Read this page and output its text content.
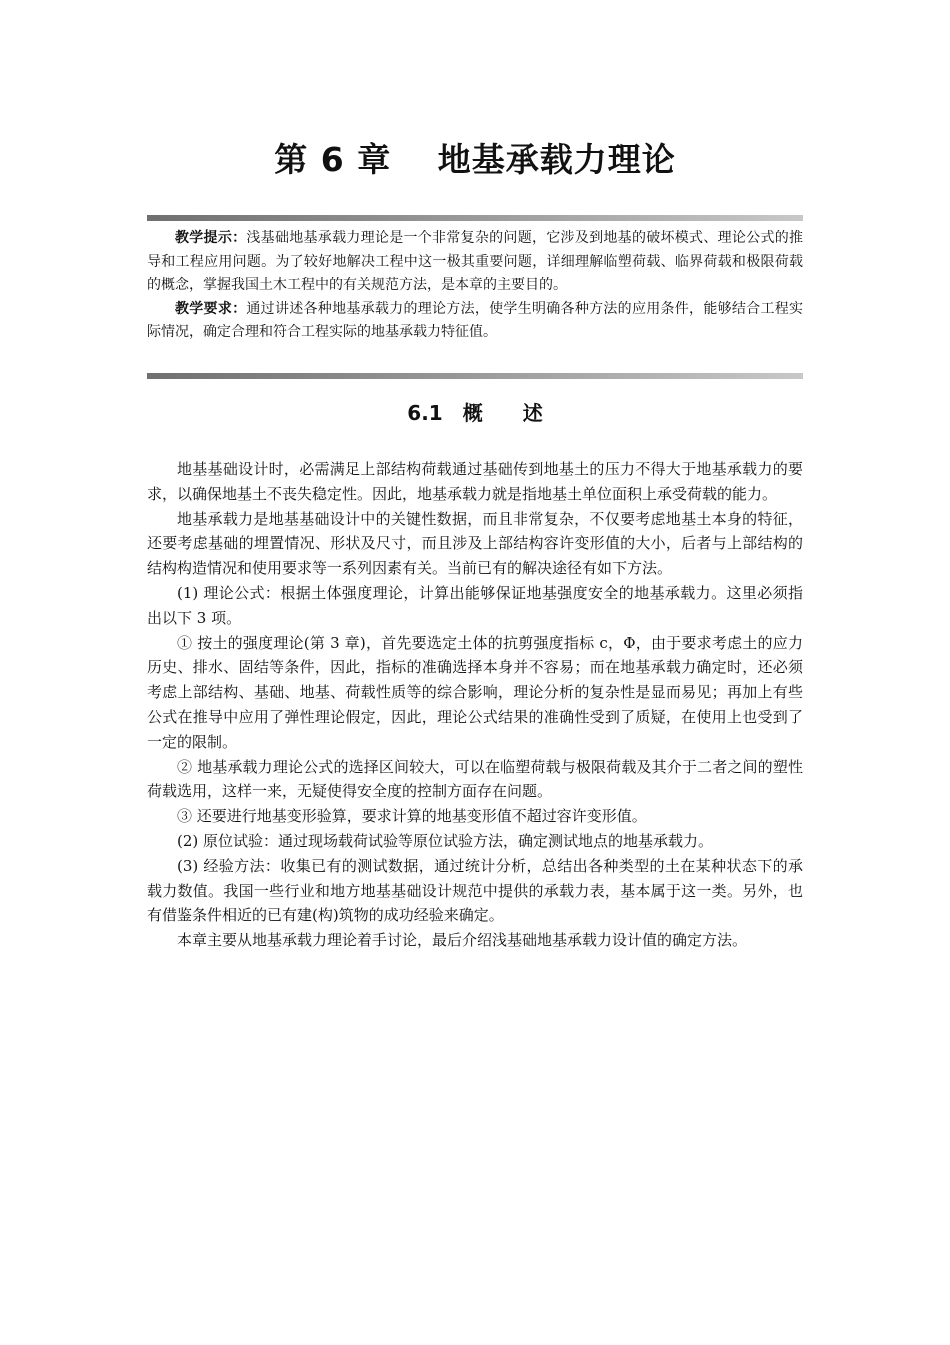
第 6 章　 地基承载力理论

教学提示：浅基础地基承载力理论是一个非常复杂的问题，它涉及到地基的破坏模式、理论公式的推导和工程应用问题。为了较好地解决工程中这一极其重要问题，详细理解临塑荷载、临界荷载和极限荷载的概念，掌握我国土木工程中的有关规范方法，是本章的主要目的。

教学要求：通过讲述各种地基承载力的理论方法，使学生明确各种方法的应用条件，能够结合工程实际情况，确定合理和符合工程实际的地基承载力特征值。

6.1　概　　述

地基基础设计时，必需满足上部结构荷载通过基础传到地基土的压力不得大于地基承载力的要求，以确保地基土不丧失稳定性。因此，地基承载力就是指地基土单位面积上承受荷载的能力。

地基承载力是地基基础设计中的关键性数据，而且非常复杂，不仅要考虑地基土本身的特征，还要考虑基础的埋置情况、形状及尺寸，而且涉及上部结构容许变形值的大小，后者与上部结构的结构构造情况和使用要求等一系列因素有关。当前已有的解决途径有如下方法。

(1) 理论公式：根据土体强度理论，计算出能够保证地基强度安全的地基承载力。这里必须指出以下 3 项。

① 按土的强度理论(第 3 章)，首先要选定土体的抗剪强度指标 c，Φ，由于要求考虑土的应力历史、排水、固结等条件，因此，指标的准确选择本身并不容易；而在地基承载力确定时，还必须考虑上部结构、基础、地基、荷载性质等的综合影响，理论分析的复杂性是显而易见；再加上有些公式在推导中应用了弹性理论假定，因此，理论公式结果的准确性受到了质疑，在使用上也受到了一定的限制。

② 地基承载力理论公式的选择区间较大，可以在临塑荷载与极限荷载及其介于二者之间的塑性荷载选用，这样一来，无疑使得安全度的控制方面存在问题。

③ 还要进行地基变形验算，要求计算的地基变形值不超过容许变形值。

(2) 原位试验：通过现场载荷试验等原位试验方法，确定测试地点的地基承载力。

(3) 经验方法：收集已有的测试数据，通过统计分析，总结出各种类型的土在某种状态下的承载力数值。我国一些行业和地方地基基础设计规范中提供的承载力表，基本属于这一类。另外，也有借鉴条件相近的已有建(构)筑物的成功经验来确定。

本章主要从地基承载力理论着手讨论，最后介绍浅基础地基承载力设计值的确定方法。
